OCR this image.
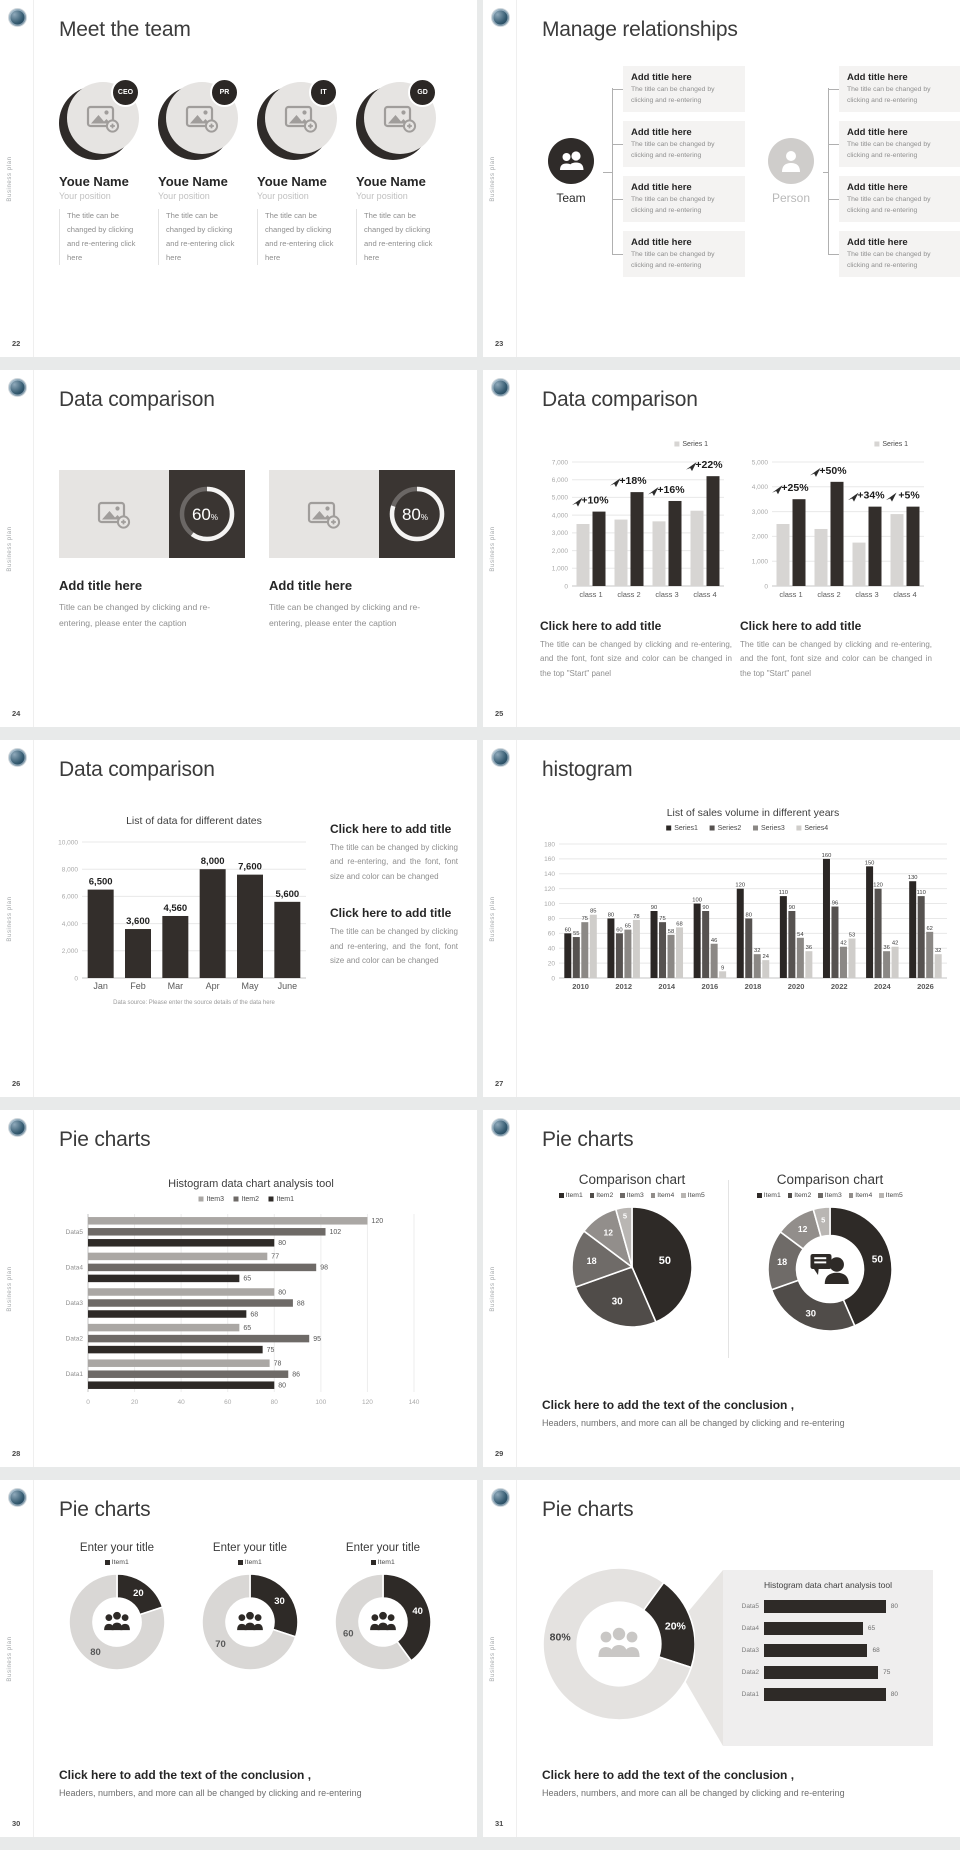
Business plan
Meet the team
CEO
Youe Name
Your position
The title can be changed by clicking and re-entering click here
PR
Youe Name
Your position
The title can be changed by clicking and re-entering click here
IT
Youe Name
Your position
The title can be changed by clicking and re-entering click here
GD
Youe Name
Your position
The title can be changed by clicking and re-entering click here
22
Business plan
Manage relationships
Team
Add title here

The title can be changed by clicking and re-entering

Add title here

The title can be changed by clicking and re-entering

Add title here

The title can be changed by clicking and re-entering

Add title here

The title can be changed by clicking and re-entering

Person
Add title here

The title can be changed by clicking and re-entering

Add title here

The title can be changed by clicking and re-entering

Add title here

The title can be changed by clicking and re-entering

Add title here

The title can be changed by clicking and re-entering

23
Business plan
Data comparison
60%
Add title here
Title can be changed by clicking and re-entering, please enter the caption
80%
Add title here
Title can be changed by clicking and re-entering, please enter the caption
24
Business plan
Data comparison
Series 1
0
1,000
2,000
3,000
4,000
5,000
6,000
7,000
+10%
+18%
+16%
+22%
class 1 class 2 class 3 class 4
Click here to add title
The title can be changed by clicking and re-entering, and the font, font size and color can be changed in the top "Start" panel
Series 1
0
1,000
2,000
3,000
4,000
5,000
+25%
+50%
+34% +5%
class 1 class 2 class 3 class 4
Click here to add title
The title can be changed by clicking and re-entering, and the font, font size and color can be changed in the top "Start" panel
25
Business plan
Data comparison
List of data for different dates
0
2,000
4,000
6,000
8,000
10,000
6,500
3,600
4,560
8,000 7,600
5,600
Jan Feb Mar	Apr May June
Data source: Please enter the source details of the data here
Click here to add title
The title can be changed by clicking and re-entering, and the font, font size and color can be changed
Click here to add title
The title can be changed by clicking and re-entering, and the font, font size and color can be changed
26
Business plan
histogram
List of sales volume in different years
Series1	Series2	Series3	Series4
0
20
40
60
80
100
120
140
160
180
60
80
90
100
120
110
160
150
130
55
60
75
90
80
90
96
120
110
75
65
58
46
32
54
42
36
62
85
78
68
9
24
36
53
42
32
2010	2012	2014	2016	2018	2020	2022	2024	2026
27
Business plan
Pie charts
Histogram data chart analysis tool
Item3 Item2 Item1
0	20	40	60	80	100	120	140
Data5
120
102
80
Data4
77
98
65
Data3
80
88
68
Data2
65
95
75
Data1
78
86
80
28
Business plan
Pie charts
Comparison chart
Item1	Item2	Item3	Item4	Item5
50
30
18
12
5
Comparison chart
Item1	Item2	Item3	Item4	Item5
50
30
18
12
5

Click here to add the text of the conclusion ,

Headers, numbers, and more can all be changed by clicking and re-entering

29
Business plan
Pie charts
Enter your title
Item1
20
80
Enter your title
Item1
30
70
Enter your title
Item1
40
60

Click here to add the text of the conclusion ,

Headers, numbers, and more can all be changed by clicking and re-entering

30
Business plan
Pie charts
20%
80%

Histogram data chart analysis tool

Data5	80
Data4	65
Data3	68
Data2	75
Data1	80

Click here to add the text of the conclusion ,

Headers, numbers, and more can all be changed by clicking and re-entering

31
